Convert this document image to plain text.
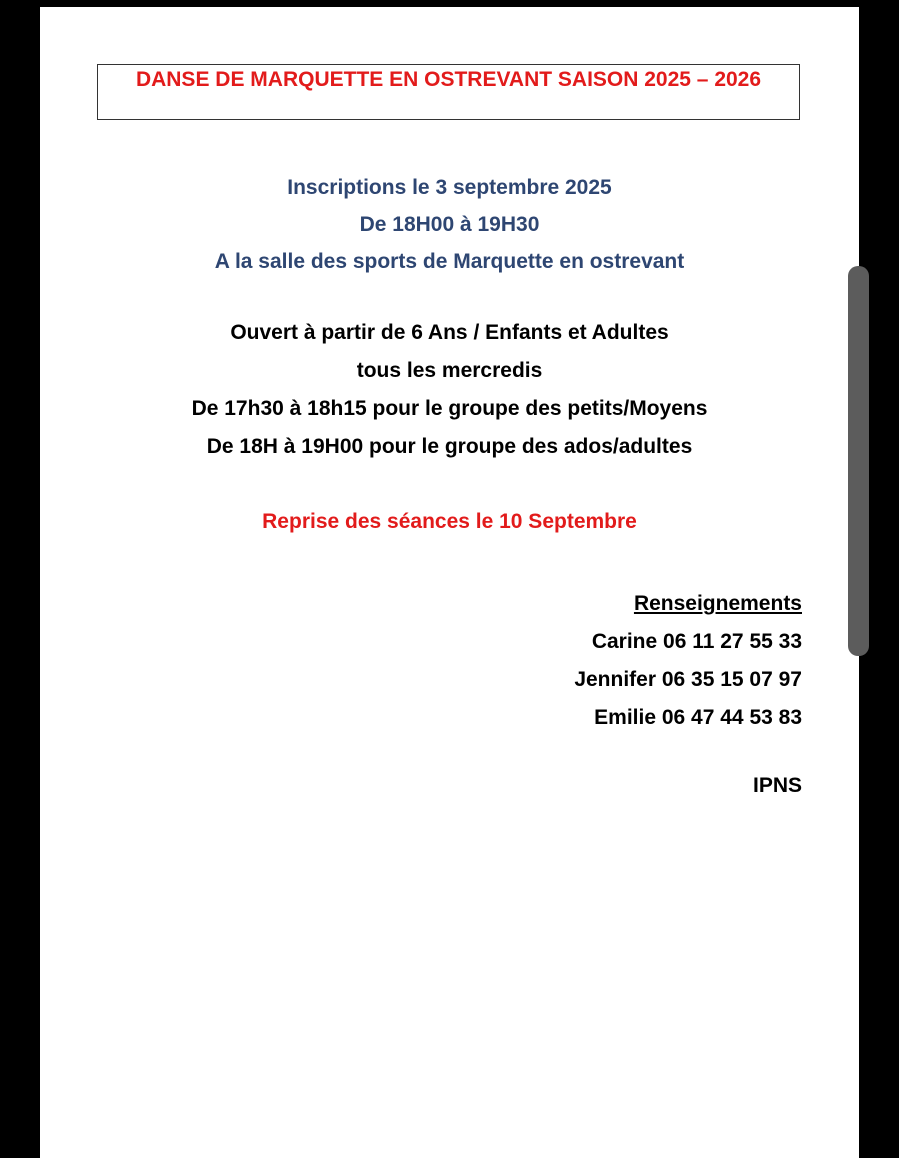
DANSE DE MARQUETTE EN OSTREVANT SAISON 2025 – 2026
Inscriptions le 3 septembre 2025
De 18H00 à 19H30
A la salle des sports de Marquette en ostrevant
Ouvert à partir de 6 Ans / Enfants et Adultes
tous les mercredis
De 17h30 à 18h15 pour le groupe des petits/Moyens
De 18H à 19H00 pour le groupe des ados/adultes
Reprise des séances le 10 Septembre
Renseignements
Carine 06 11 27 55 33
Jennifer 06 35 15 07 97
Emilie 06 47 44 53 83
IPNS
